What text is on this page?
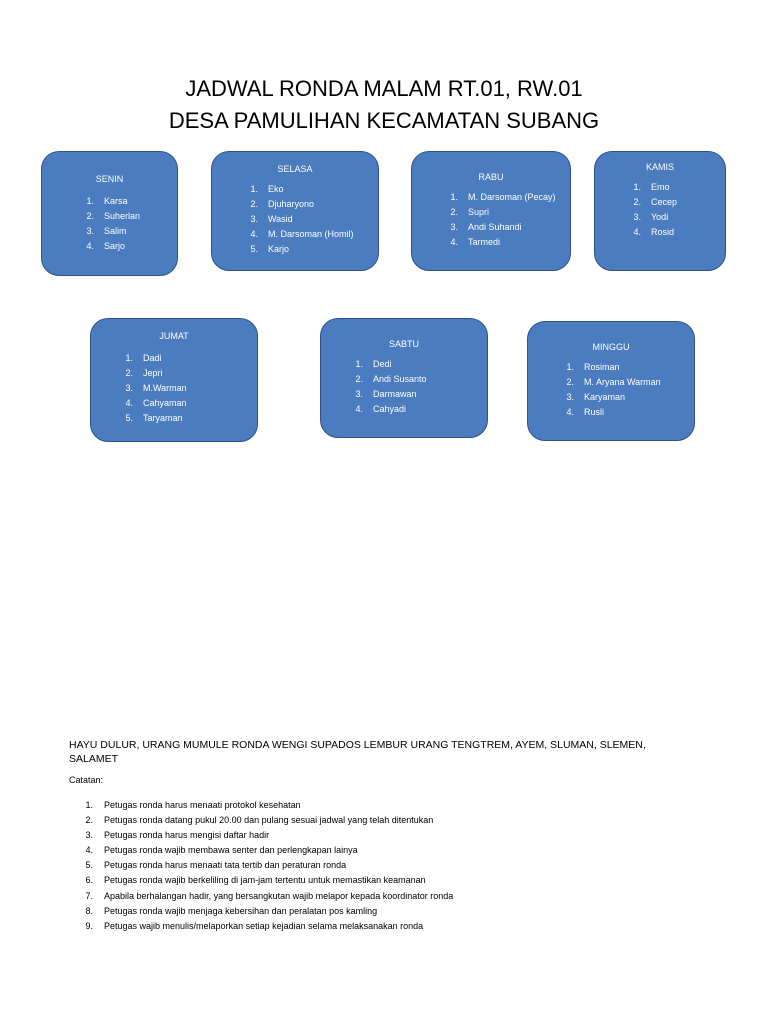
JADWAL RONDA MALAM RT.01, RW.01
DESA PAMULIHAN KECAMATAN SUBANG

SENIN

1. Karsa
2. Suherlan
3. Salim
4. Sarjo

SELASA

1. Eko
2. Djuharyono
3. Wasid
4. M. Darsoman (Homil)
5. Karjo

RABU

1. M. Darsoman (Pecay)
2. Supri
3. Andi Suhandi
4. Tarmedi

KAMIS

1. Emo
2. Cecep
3. Yodi
4. Rosid

JUMAT

1. Dadi
2. Jepri
3. M.Warman
4. Cahyaman
5. Taryaman

SABTU

1. Dedi
2. Andi Susanto
3. Darmawan
4. Cahyadi

MINGGU

1. Rosiman
2. M. Aryana Warman
3. Karyaman
4. Rusli

HAYU DULUR, URANG MUMULE RONDA WENGI SUPADOS LEMBUR URANG TENGTREM, AYEM, SLUMAN, SLEMEN, SALAMET

Catatan:

1. Petugas ronda harus menaati protokol kesehatan
2. Petugas ronda datang pukul 20.00 dan pulang sesuai jadwal yang telah ditentukan
3. Petugas ronda harus mengisi daftar hadir
4. Petugas ronda wajib membawa senter dan perlengkapan lainya
5. Petugas ronda harus menaati tata tertib dan peraturan ronda
6. Petugas ronda wajib berkeliling di jam-jam tertentu untuk memastikan keamanan
7. Apabila berhalangan hadir, yang bersangkutan wajib melapor kepada koordinator ronda
8. Petugas ronda wajib menjaga kebersihan dan peralatan pos kamling
9. Petugas wajib menulis/melaporkan setiap kejadian selama melaksanakan ronda
